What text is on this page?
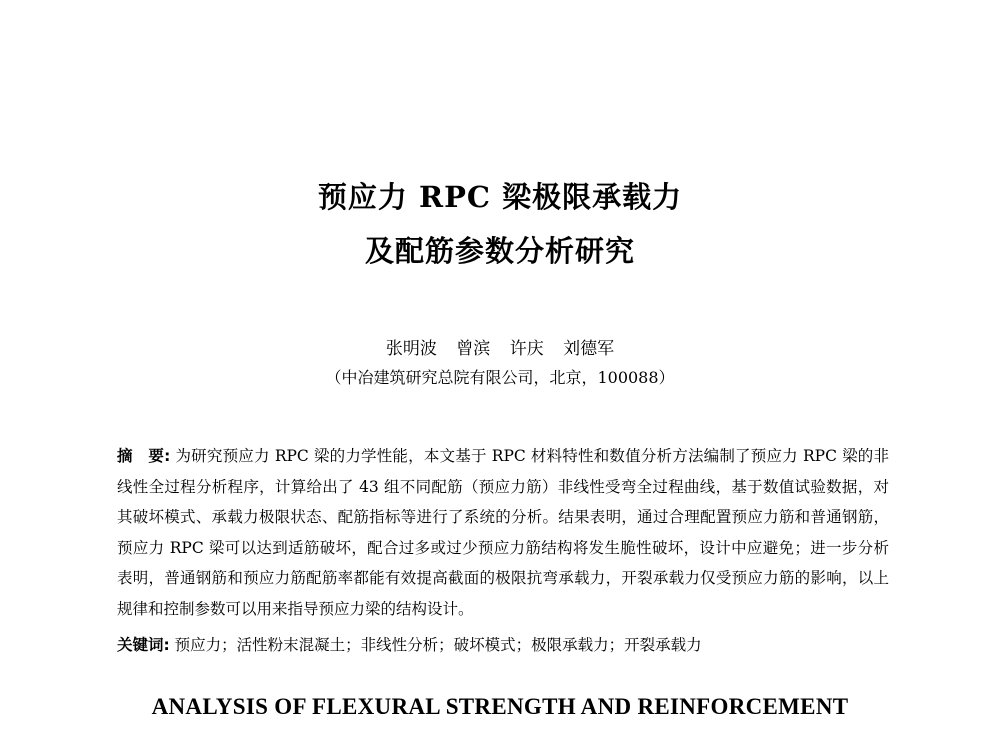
预应力 RPC 梁极限承载力
及配筋参数分析研究
张明波 曾滨 许庆 刘德军
（中冶建筑研究总院有限公司，北京，100088）
摘　要: 为研究预应力 RPC 梁的力学性能，本文基于 RPC 材料特性和数值分析方法编制了预应力 RPC 梁的非线性全过程分析程序，计算给出了 43 组不同配筋（预应力筋）非线性受弯全过程曲线，基于数值试验数据，对其破坏模式、承载力极限状态、配筋指标等进行了系统的分析。结果表明，通过合理配置预应力筋和普通钢筋，预应力 RPC 梁可以达到适筋破坏，配合过多或过少预应力筋结构将发生脆性破坏，设计中应避免；进一步分析表明，普通钢筋和预应力筋配筋率都能有效提高截面的极限抗弯承载力，开裂承载力仅受预应力筋的影响，以上规律和控制参数可以用来指导预应力梁的结构设计。
关键词: 预应力；活性粉末混凝土；非线性分析；破坏模式；极限承载力；开裂承载力
ANALYSIS OF FLEXURAL STRENGTH AND REINFORCEMENT
